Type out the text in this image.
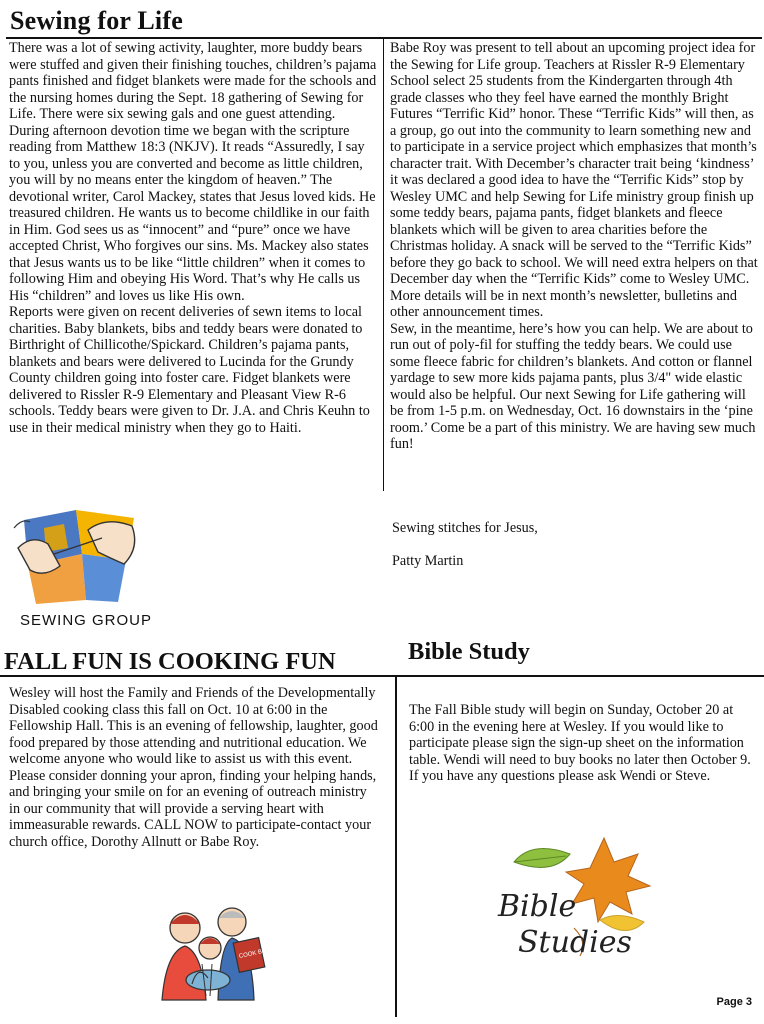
Sewing for Life

There was a lot of sewing activity, laughter, more buddy bears were stuffed and given their finishing touches, children’s pajama pants finished and fidget blankets were made for the schools and the nursing homes during the Sept. 18 gathering of Sewing for Life. There were six sewing gals and one guest attending.

During afternoon devotion time we began with the scripture reading from Matthew 18:3 (NKJV). It reads “Assuredly, I say to you, unless you are converted and become as little children, you will by no means enter the kingdom of heaven.” The devotional writer, Carol Mackey, states that Jesus loved kids. He treasured children. He wants us to become childlike in our faith in Him. God sees us as “innocent” and “pure” once we have accepted Christ, Who forgives our sins. Ms. Mackey also states that Jesus wants us to be like “little children” when it comes to following Him and obeying His Word. That’s why He calls us His “children” and loves us like His own.

Reports were given on recent deliveries of sewn items to local charities. Baby blankets, bibs and teddy bears were donated to Birthright of Chillicothe/Spickard. Children’s pajama pants, blankets and bears were delivered to Lucinda for the Grundy County children going into foster care. Fidget blankets were delivered to Rissler R-9 Elementary and Pleasant View R-6 schools. Teddy bears were given to Dr. J.A. and Chris Keuhn to use in their medical ministry when they go to Haiti.

Babe Roy was present to tell about an upcoming project idea for the Sewing for Life group. Teachers at Rissler R-9 Elementary School select 25 students from the Kindergarten through 4th grade classes who they feel have earned the monthly Bright Futures “Terrific Kid” honor. These “Terrific Kids” will then, as a group, go out into the community to learn something new and to participate in a service project which emphasizes that month’s character trait. With December’s character trait being ‘kindness’ it was declared a good idea to have the “Terrific Kids” stop by Wesley UMC and help Sewing for Life ministry group finish up some teddy bears, pajama pants, fidget blankets and fleece blankets which will be given to area charities before the Christmas holiday. A snack will be served to the “Terrific Kids” before they go back to school. We will need extra helpers on that December day when the “Terrific Kids” come to Wesley UMC. More details will be in next month’s newsletter, bulletins and other announcement times.

Sew, in the meantime, here’s how you can help. We are about to run out of poly-fil for stuffing the teddy bears. We could use some fleece fabric for children’s blankets. And cotton or flannel yardage to sew more kids pajama pants, plus 3/4" wide elastic would also be helpful. Our next Sewing for Life gathering will be from 1-5 p.m. on Wednesday, Oct. 16 downstairs in the ‘pine room.’ Come be a part of this ministry. We are having sew much fun!

Sewing stitches for Jesus,

Patty Martin

SEWING GROUP
FALL FUN IS COOKING FUN	Bible Study
Wesley will host the Family and Friends of the Developmentally Disabled cooking class this fall on Oct. 10 at 6:00 in the Fellowship Hall. This is an evening of fellowship, laughter, good food prepared by those attending and nutritional education. We welcome anyone who would like to assist us with this event. Please consider donning your apron, finding your helping hands, and bringing your smile on for an evening of outreach ministry in our community that will provide a serving heart with immeasurable rewards. CALL NOW to participate-contact your church office, Dorothy Allnutt or Babe Roy.
The Fall Bible study will begin on Sunday, October 20 at 6:00 in the evening here at Wesley. If you would like to participate please sign the sign-up sheet on the information table. Wendi will need to buy books no later then October 9. If you have any questions please ask Wendi or Steve.
COOK BOOK
Bible
Studies
Page 3
